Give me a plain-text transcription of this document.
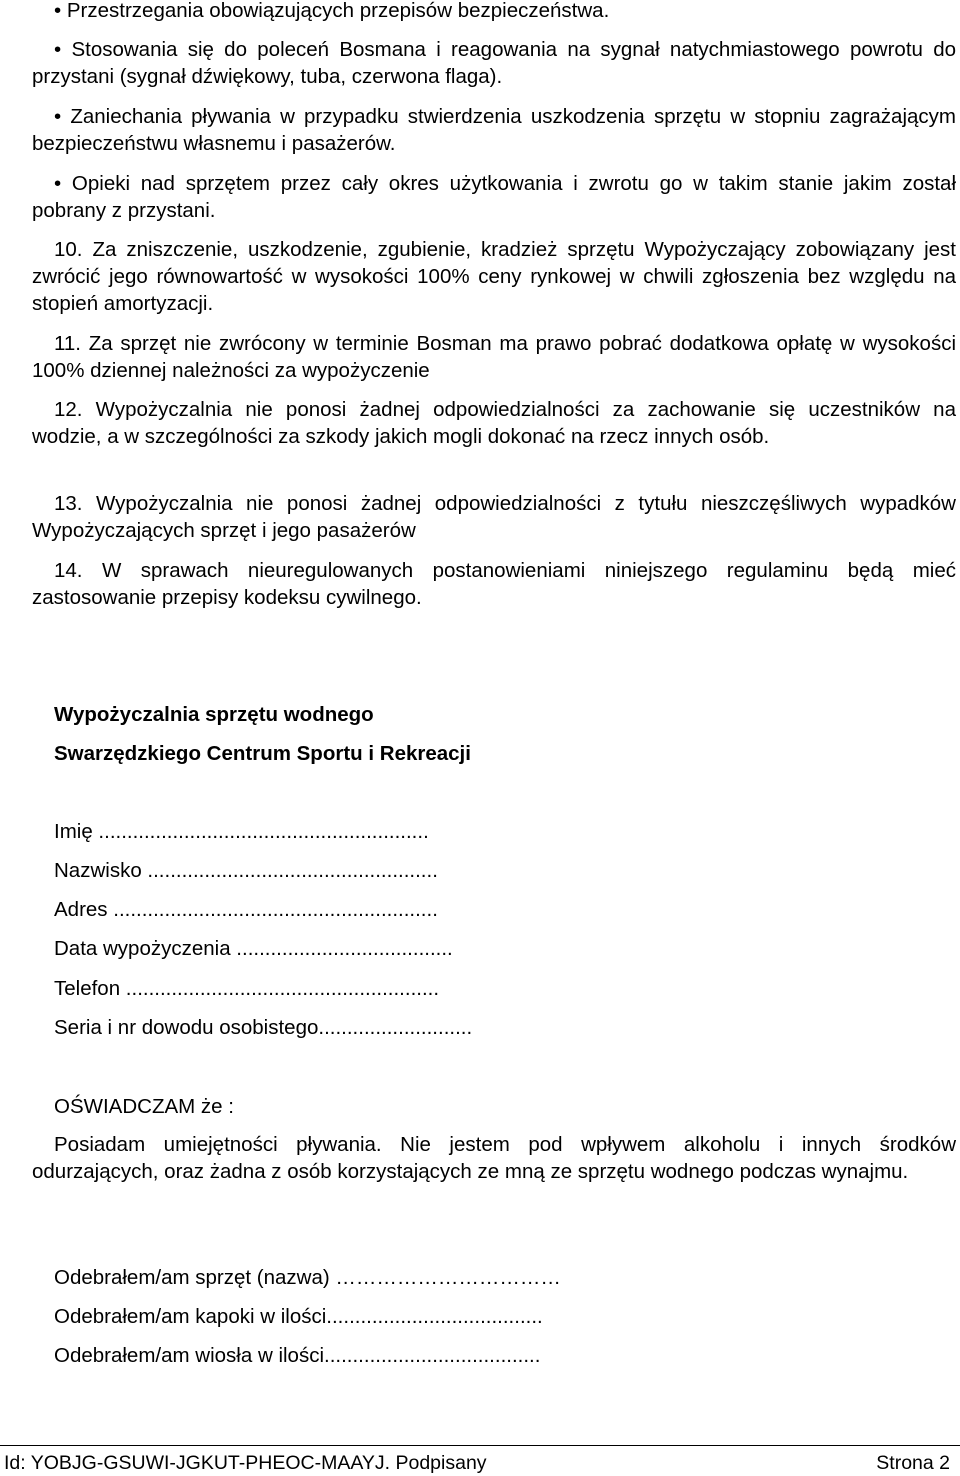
• Przestrzegania obowiązujących przepisów bezpieczeństwa.

• Stosowania się do poleceń Bosmana i reagowania na sygnał natychmiastowego powrotu do przystani (sygnał dźwiękowy, tuba, czerwona flaga).

• Zaniechania pływania w przypadku stwierdzenia uszkodzenia sprzętu w stopniu zagrażającym bezpieczeństwu własnemu i pasażerów.

• Opieki nad sprzętem przez cały okres użytkowania i zwrotu go w takim stanie jakim został pobrany z przystani.

10. Za zniszczenie, uszkodzenie, zgubienie, kradzież sprzętu Wypożyczający zobowiązany jest zwrócić jego równowartość w wysokości 100% ceny rynkowej w chwili zgłoszenia bez względu na stopień amortyzacji.

11. Za sprzęt nie zwrócony w terminie Bosman ma prawo pobrać dodatkowa opłatę w wysokości 100% dziennej należności za wypożyczenie

12. Wypożyczalnia nie ponosi żadnej odpowiedzialności za zachowanie się uczestników na wodzie, a w szczególności za szkody jakich mogli dokonać na rzecz innych osób.

13. Wypożyczalnia nie ponosi żadnej odpowiedzialności z tytułu nieszczęśliwych wypadków Wypożyczających sprzęt i jego pasażerów

14. W sprawach nieuregulowanych postanowieniami niniejszego regulaminu będą mieć zastosowanie przepisy kodeksu cywilnego.

Wypożyczalnia sprzętu wodnego

Swarzędzkiego Centrum Sportu i Rekreacji

Imię ..........................................................

Nazwisko ...................................................

Adres .........................................................

Data wypożyczenia ......................................

Telefon .......................................................

Seria i nr dowodu osobistego...........................

OŚWIADCZAM że :

Posiadam umiejętności pływania. Nie jestem pod wpływem alkoholu i innych środków odurzających, oraz żadna z osób korzystających ze mną ze sprzętu wodnego podczas wynajmu.

Odebrałem/am sprzęt (nazwa) ……………………………

Odebrałem/am kapoki w ilości......................................

Odebrałem/am wiosła w ilości......................................

Id: YOBJG-GSUWI-JGKUT-PHEOC-MAAYJ. Podpisany	Strona 2
